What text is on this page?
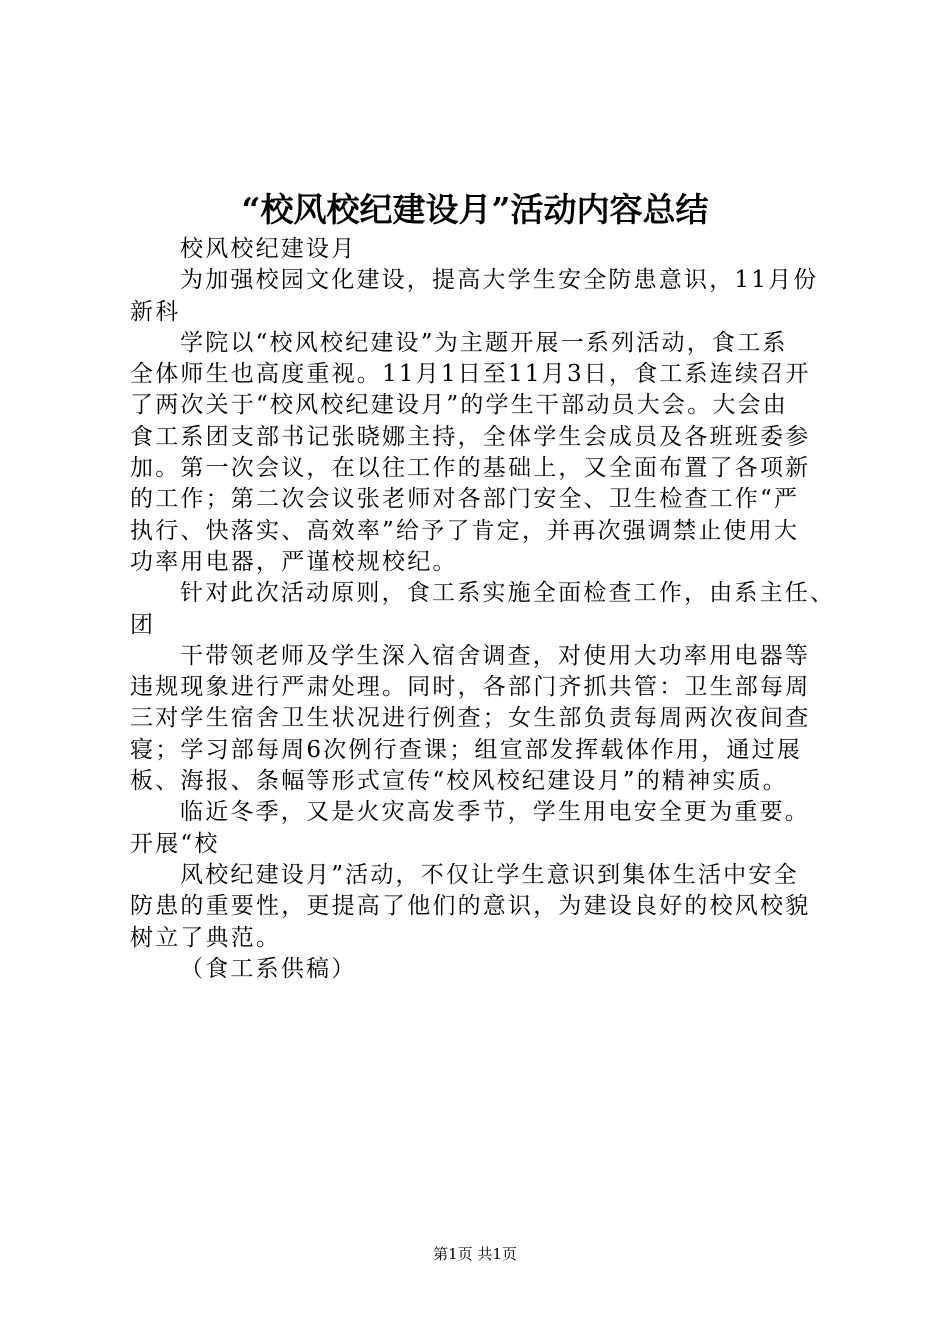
“校风校纪建设月”活动内容总结
校风校纪建设月
为加强校园文化建设，提高大学生安全防患意识，11月份
新科
学院以“校风校纪建设”为主题开展一系列活动，食工系
全体师生也高度重视。11月1日至11月3日，食工系连续召开
了两次关于“校风校纪建设月”的学生干部动员大会。大会由
食工系团支部书记张晓娜主持，全体学生会成员及各班班委参
加。第一次会议，在以往工作的基础上，又全面布置了各项新
的工作；第二次会议张老师对各部门安全、卫生检查工作“严
执行、快落实、高效率”给予了肯定，并再次强调禁止使用大
功率用电器，严谨校规校纪。
针对此次活动原则，食工系实施全面检查工作，由系主任、
团
干带领老师及学生深入宿舍调查，对使用大功率用电器等
违规现象进行严肃处理。同时，各部门齐抓共管：卫生部每周
三对学生宿舍卫生状况进行例查；女生部负责每周两次夜间查
寝；学习部每周6次例行查课；组宣部发挥载体作用，通过展
板、海报、条幅等形式宣传“校风校纪建设月”的精神实质。
临近冬季，又是火灾高发季节，学生用电安全更为重要。
开展“校
风校纪建设月”活动，不仅让学生意识到集体生活中安全
防患的重要性，更提高了他们的意识，为建设良好的校风校貌
树立了典范。
（食工系供稿）
第1页 共1页
